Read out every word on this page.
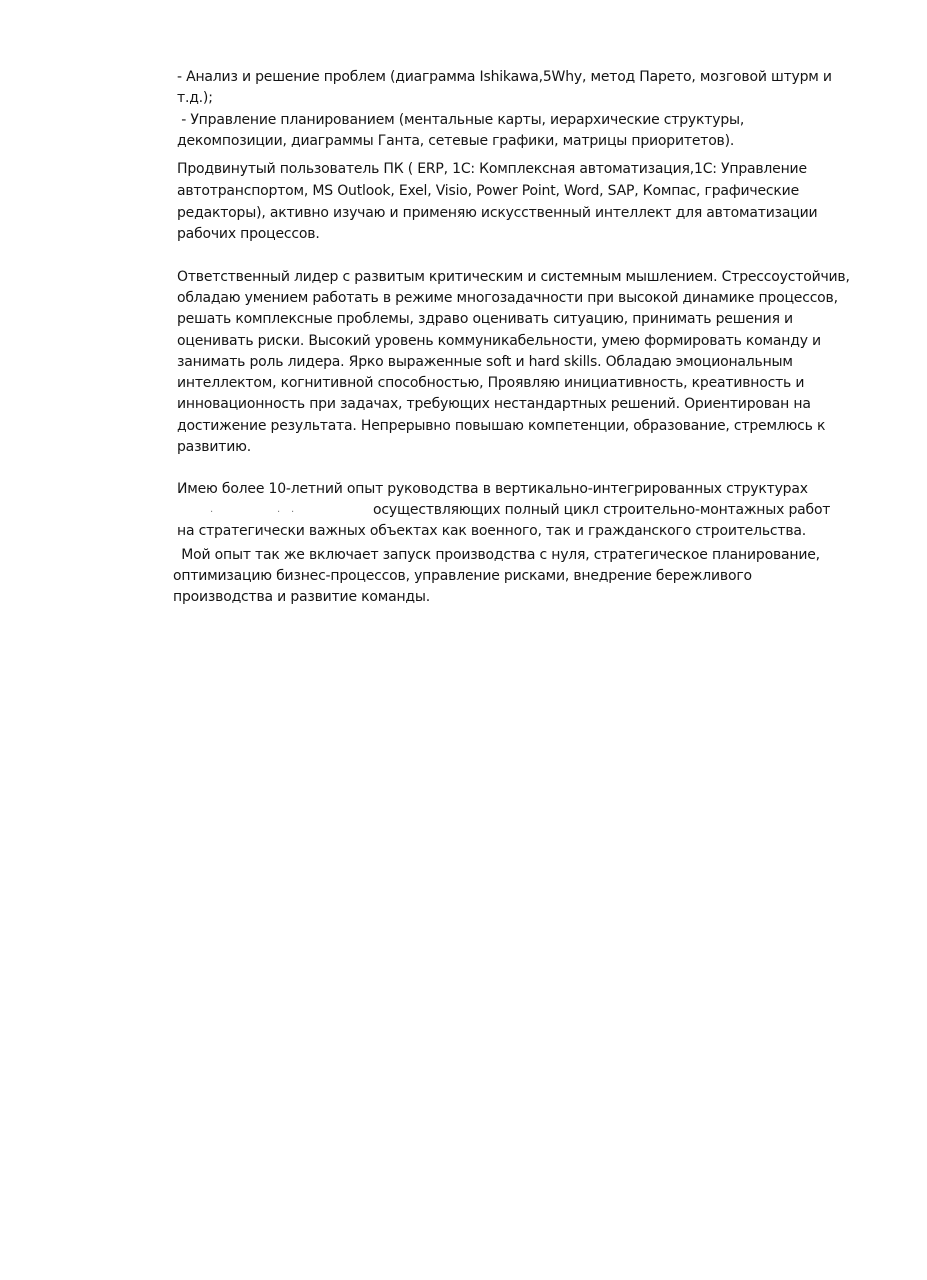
- Анализ и решение проблем (диаграмма Ishikawa,5Why, метод Парето, мозговой штурм и
т.д.);
- Управление планированием (ментальные карты, иерархические структуры,
декомпозиции, диаграммы Ганта, сетевые графики, матрицы приоритетов).
Продвинутый пользователь ПК ( ERP, 1С: Комплексная автоматизация,1С: Управление
автотранспортом, MS Outlook, Exel, Visio, Power Point, Word, SAP, Компас, графические
редакторы), активно изучаю и применяю искусственный интеллект для автоматизации
рабочих процессов.
Ответственный лидер с развитым критическим и системным мышлением. Стрессоустойчив,
обладаю умением работать в режиме многозадачности при высокой динамике процессов,
решать комплексные проблемы, здраво оценивать ситуацию, принимать решения и
оценивать риски. Высокий уровень коммуникабельности, умею формировать команду и
занимать роль лидера. Ярко выраженные soft и hard skills. Обладаю эмоциональным
интеллектом, когнитивной способностью, Проявляю инициативность, креативность и
инновационность при задачах, требующих нестандартных решений. Ориентирован на
достижение результата. Непрерывно повышаю компетенции, образование, стремлюсь к
развитию.
Имею более 10-летний опыт руководства в вертикально-интегрированных структурах
.	. .	осуществляющих полный цикл строительно-монтажных работ
на стратегически важных объектах как военного, так и гражданского строительства.
Мой опыт так же включает запуск производства с нуля, стратегическое планирование,
оптимизацию бизнес-процессов, управление рисками, внедрение бережливого
производства и развитие команды.
